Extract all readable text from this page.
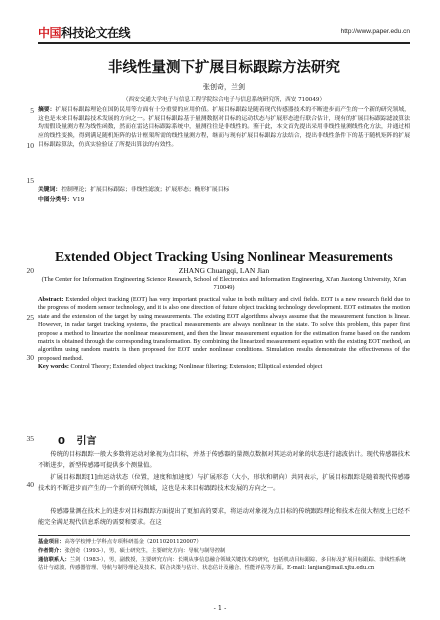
中国科技论文在线	http://www.paper.edu.cn
5
10
15
20
25
30
35
40
非线性量测下扩展目标跟踪方法研究
张创奇，兰剑
（西安交通大学电子与信息工程学院综合电子与信息系统研究所，西安 710049）
摘要：扩展目标跟踪理论在国防民用等方面有十分重要的应用价值。扩展目标跟踪是随着现代传感器技术的不断进步而产生的一个新的研究领域，这也是未来目标跟踪技术发展的方向之一。扩展目标跟踪基于量测数据对目标的运动状态与扩展形态进行联合估计，现有的扩展目标跟踪滤波算法均需假设量测方程为线性函数，然而在雷达目标跟踪系统中，量测往往是非线性的。鉴于此，本文首先提出采用非线性量测线性化方法，并通过相应的线性变换，得到满足随机矩阵的估计框架所需的线性量测方程，继而与现有扩展目标跟踪方法结合，提出非线性条件下的基于随机矩阵的扩展目标跟踪算法，仿真实验验证了所提出算法的有效性。
关键词：控制理论；扩展目标跟踪；非线性滤波；扩展形态；椭形扩展目标
中图分类号：V19
Extended Object Tracking Using Nonlinear Measurements
ZHANG Chuangqi, LAN Jian
(The Center for Information Engineering Science Research, School of Electronics and Information Engineering, Xi'an Jiaotong University, Xi'an 710049)
Abstract: Extended object tracking (EOT) has very important practical value in both military and civil fields. EOT is a new research field due to the progress of modern sensor technology, and it is also one direction of future object tracking technology development. EOT estimates the motion state and the extension of the target by using measurements. The existing EOT algorithms always assume that the measurement function is linear. However, in radar target tracking systems, the practical measurements are always nonlinear in the state. To solve this problem, this paper first propose a method to linearize the nonlinear measurement, and then the linear measurement equation for the estimation frame based on the random matrix is obtained through the corresponding transformation. By combining the linearized measurement equation with the existing EOT method, an algorithm using random matrix is then proposed for EOT under nonlinear conditions. Simulation results demonstrate the effectiveness of the proposed method.
Key words: Control Theory; Extended object tracking; Nonlinear filtering; Extension; Elliptical extended object
0 引言
传统的目标跟踪一般大多数将运动对象视为点目标，并基于传感器的量测点数据对其运动对象的状态进行滤波估计。现代传感器技术不断进步，新型传感器可提供多个测量值。
扩展目标跟踪[1]由运动状态（位置，速度和加速度）与扩展形态（大小，形状和朝向）共同表示，扩展目标跟踪是随着现代传感器技术的不断进步而产生的一个新的研究领域，这也是未来目标跟踪技术发展的方向之一。
传感器量测在技术上的进步对目标跟踪方面提出了更加高的要求，将运动对象视为点目标的传统跟踪理论和技术在很大程度上已经不能完全满足现代信息系统的需要和要求。在这
基金项目：高等学校博士学科点专项科研基金（20110201120007）
作者简介：张创奇（1993-），男，硕士研究生，主要研究方向：导航与制导控制
通信联系人：兰剑（1983-），男，副教授，主要研究方向：长期从事信息融合领域关键技术的研究，包括机动目标跟踪、多目标及扩展目标跟踪、非线性系统估计与滤波、传感器管理、导航与制导理论及技术、联合决策与估计、状态估计及融合、性能评估等方面。E-mail: lanjian@mail.xjtu.edu.cn
- 1 -
